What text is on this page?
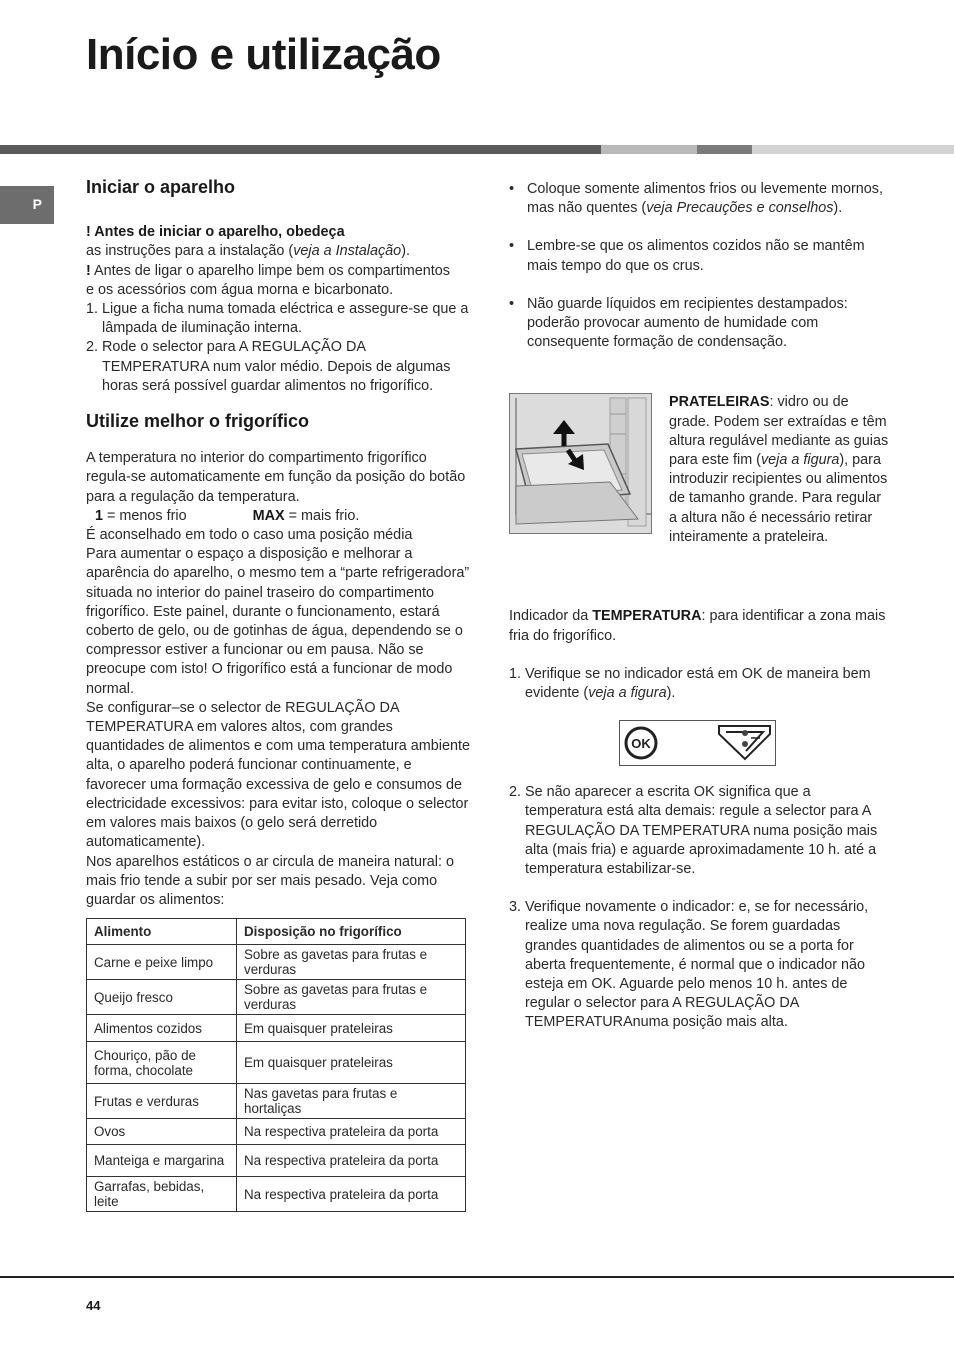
Início e utilização
P
Iniciar o aparelho

! Antes de iniciar o aparelho, obedeça
as instruções para a instalação (veja a Instalação).

! Antes de ligar o aparelho limpe bem os compartimentos

e os acessórios com água morna e bicarbonato.

1. Ligue a ficha numa tomada eléctrica e assegure-se que a lâmpada de iluminação interna.

2. Rode o selector para A REGULAÇÃO DA TEMPERATURA num valor médio. Depois de algumas horas será possível guardar alimentos no frigorífico.

Utilize melhor o frigorífico

A temperatura no interior do compartimento frigorífico regula-se automaticamente em função da posição do botão para a regulação da temperatura.

1 = menos frio	MAX = mais frio.

É aconselhado em todo o caso uma posição média

Para aumentar o espaço a disposição e melhorar a aparência do aparelho, o mesmo tem a “parte refrigeradora” situada no interior do painel traseiro do compartimento frigorífico. Este painel, durante o funcionamento, estará coberto de gelo, ou de gotinhas de água, dependendo se o compressor estiver a funcionar ou em pausa. Não se preocupe com isto! O frigorífico está a funcionar de modo normal.

Se configurar–se o selector de REGULAÇÃO DA TEMPERATURA em valores altos, com grandes quantidades de alimentos e com uma temperatura ambiente alta, o aparelho poderá funcionar continuamente, e favorecer uma formação excessiva de gelo e consumos de electricidade excessivos: para evitar isto, coloque o selector em valores mais baixos (o gelo será derretido automaticamente).

Nos aparelhos estáticos o ar circula de maneira natural: o mais frio tende a subir por ser mais pesado. Veja como guardar os alimentos:

Alimento	Disposição no frigorífico
Carne e peixe limpo	Sobre as gavetas para frutas e verduras
Queijo fresco	Sobre as gavetas para frutas e verduras
Alimentos cozidos	Em quaisquer prateleiras
Chouriço, pão de forma, chocolate	Em quaisquer prateleiras
Frutas e verduras	Nas gavetas para frutas e hortaliças
Ovos	Na respectiva prateleira da porta
Manteiga e margarina	Na respectiva prateleira da porta
Garrafas, bebidas, leite	Na respectiva prateleira da porta

• Coloque somente alimentos frios ou levemente mornos, mas não quentes (veja Precauções e conselhos).

• Lembre-se que os alimentos cozidos não se mantêm mais tempo do que os crus.

• Não guarde líquidos em recipientes destampados: poderão provocar aumento de humidade com consequente formação de condensação.

PRATELEIRAS: vidro ou de grade. Podem ser extraídas e têm altura regulável mediante as guias para este fim (veja a figura), para introduzir recipientes ou alimentos de tamanho grande. Para regular a altura não é necessário retirar inteiramente a prateleira.

Indicador da TEMPERATURA: para identificar a zona mais fria do frigorífico.

1. Verifique se no indicador está em OK de maneira bem evidente (veja a figura).

OK

2. Se não aparecer a escrita OK significa que a temperatura está alta demais: regule a selector para A REGULAÇÃO DA TEMPERATURA numa posição mais alta (mais fria) e aguarde aproximadamente 10 h. até a temperatura estabilizar-se.

3. Verifique novamente o indicador: e, se for necessário, realize uma nova regulação. Se forem guardadas grandes quantidades de alimentos ou se a porta for aberta frequentemente, é normal que o indicador não esteja em OK. Aguarde pelo menos 10 h. antes de regular o selector para A REGULAÇÃO DA TEMPERATURAnuma posição mais alta.

44
